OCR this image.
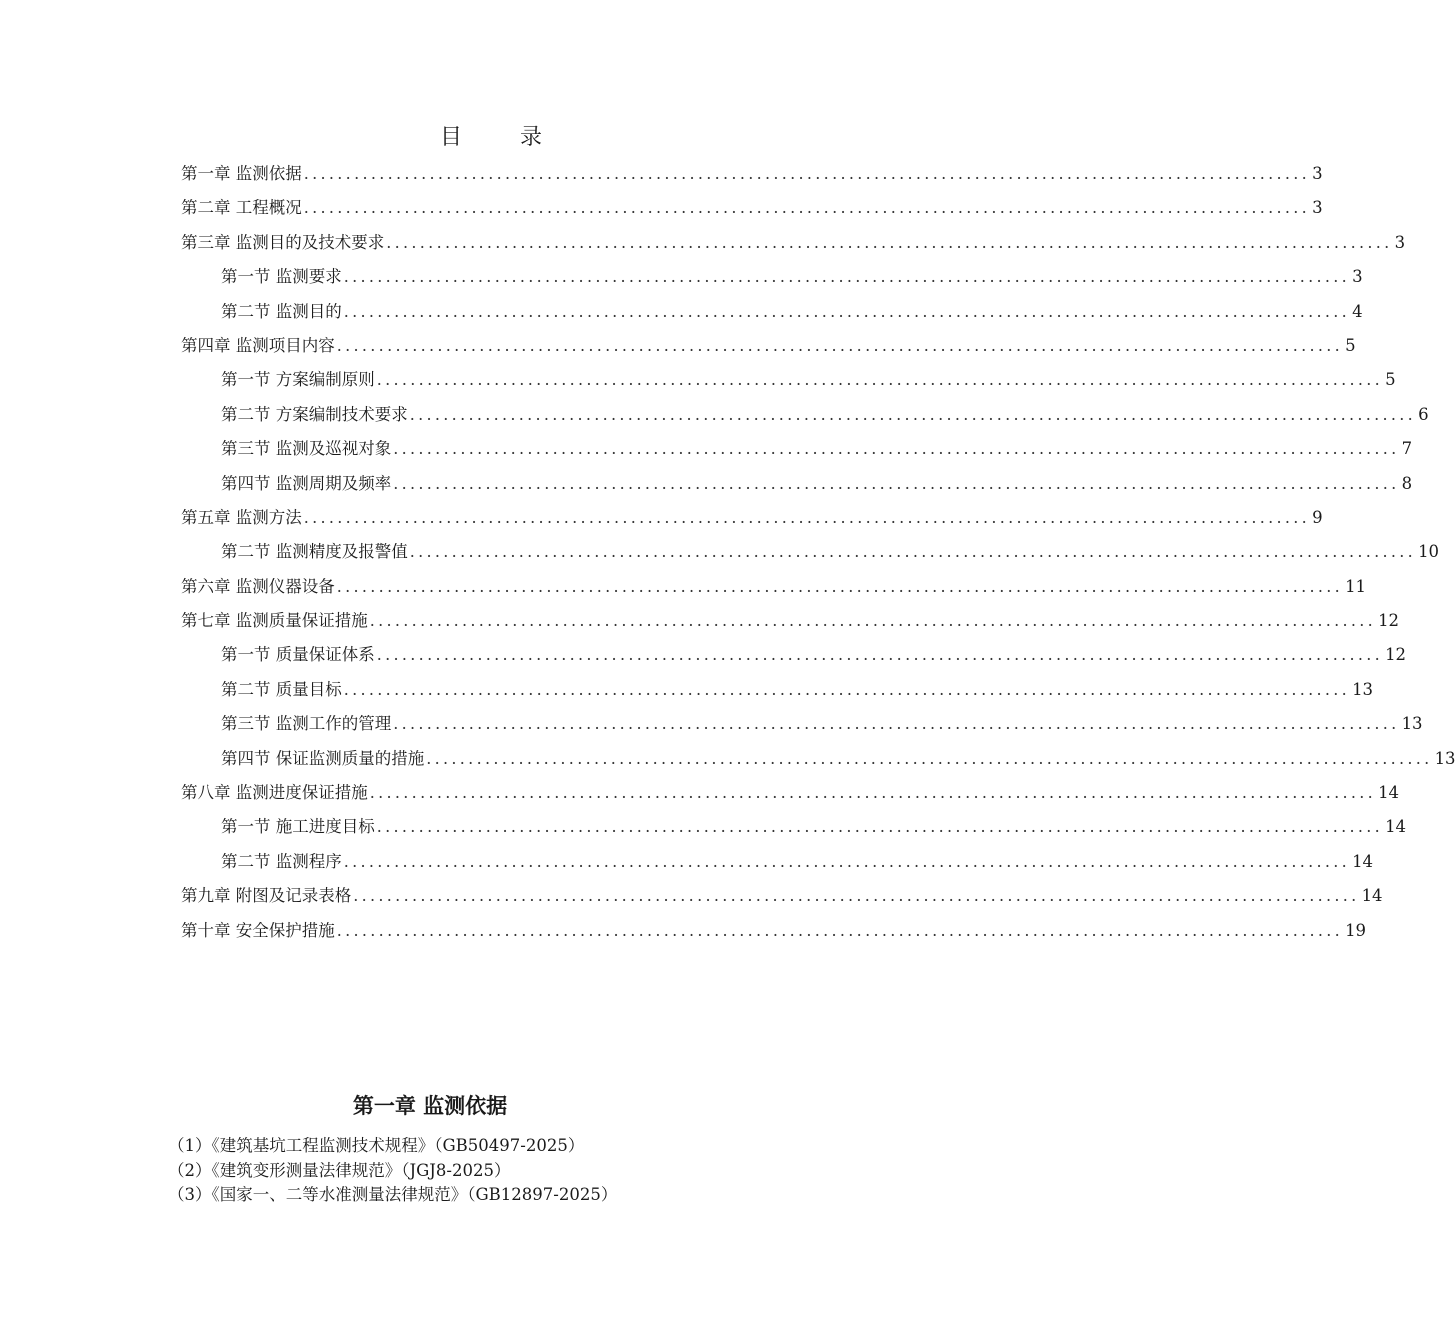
目　录
第一章 监测依据 ........................................................................................................................ 3
第二章 工程概况 ........................................................................................................................ 3
第三章 监测目的及技术要求 ........................................................................................................................ 3
第一节 监测要求 ........................................................................................................................ 3
第二节 监测目的 ........................................................................................................................ 4
第四章 监测项目内容 ........................................................................................................................ 5
第一节 方案编制原则 ........................................................................................................................ 5
第二节 方案编制技术要求 ........................................................................................................................ 6
第三节 监测及巡视对象 ........................................................................................................................ 7
第四节 监测周期及频率 ........................................................................................................................ 8
第五章 监测方法 ........................................................................................................................ 9
第二节 监测精度及报警值 ........................................................................................................................ 10
第六章 监测仪器设备 ........................................................................................................................ 11
第七章 监测质量保证措施 ........................................................................................................................ 12
第一节 质量保证体系 ........................................................................................................................ 12
第二节 质量目标 ........................................................................................................................ 13
第三节 监测工作的管理 ........................................................................................................................ 13
第四节 保证监测质量的措施 ........................................................................................................................ 13
第八章 监测进度保证措施 ........................................................................................................................ 14
第一节 施工进度目标 ........................................................................................................................ 14
第二节 监测程序 ........................................................................................................................ 14
第九章 附图及记录表格 ........................................................................................................................ 14
第十章 安全保护措施 ........................................................................................................................ 19
第一章 监测依据
（1）《建筑基坑工程监测技术规程》（GB50497-2025）
（2）《建筑变形测量法律规范》（JGJ8-2025）
（3）《国家一、二等水准测量法律规范》（GB12897-2025）
